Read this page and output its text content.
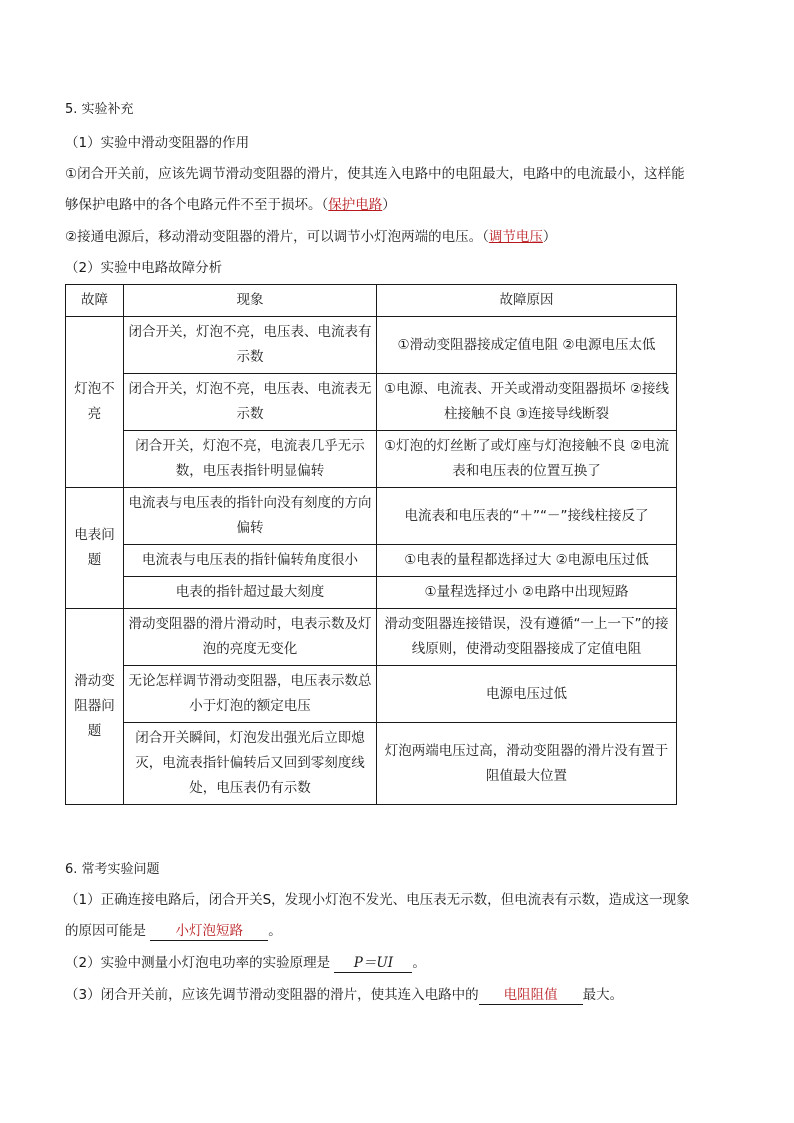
5. 实验补充
（1）实验中滑动变阻器的作用
①闭合开关前，应该先调节滑动变阻器的滑片，使其连入电路中的电阻最大，电路中的电流最小，这样能
够保护电路中的各个电路元件不至于损坏。（保护电路）
②接通电源后，移动滑动变阻器的滑片，可以调节小灯泡两端的电压。（调节电压）
（2）实验中电路故障分析
故障	现象	故障原因
灯泡不亮	闭合开关，灯泡不亮，电压表、电流表有示数	①滑动变阻器接成定值电阻 ②电源电压太低
	闭合开关，灯泡不亮，电压表、电流表无示数	①电源、电流表、开关或滑动变阻器损坏 ②接线柱接触不良 ③连接导线断裂
	闭合开关，灯泡不亮，电流表几乎无示数，电压表指针明显偏转	①灯泡的灯丝断了或灯座与灯泡接触不良 ②电流表和电压表的位置互换了
电表问题	电流表与电压表的指针向没有刻度的方向偏转	电流表和电压表的“＋”“－”接线柱接反了
	电流表与电压表的指针偏转角度很小	①电表的量程都选择过大 ②电源电压过低
	电表的指针超过最大刻度	①量程选择过小 ②电路中出现短路
滑动变阻器问题	滑动变阻器的滑片滑动时，电表示数及灯泡的亮度无变化	滑动变阻器连接错误，没有遵循“一上一下”的接线原则，使滑动变阻器接成了定值电阻
	无论怎样调节滑动变阻器，电压表示数总小于灯泡的额定电压	电源电压过低
	闭合开关瞬间，灯泡发出强光后立即熄灭，电流表指针偏转后又回到零刻度线处，电压表仍有示数	灯泡两端电压过高，滑动变阻器的滑片没有置于阻值最大位置
6. 常考实验问题
（1）正确连接电路后，闭合开关S，发现小灯泡不发光、电压表无示数，但电流表有示数，造成这一现象
的原因可能是 小灯泡短路 。
（2）实验中测量小灯泡电功率的实验原理是 P＝UI 。
（3）闭合开关前，应该先调节滑动变阻器的滑片，使其连入电路中的 电阻阻值 最大。
